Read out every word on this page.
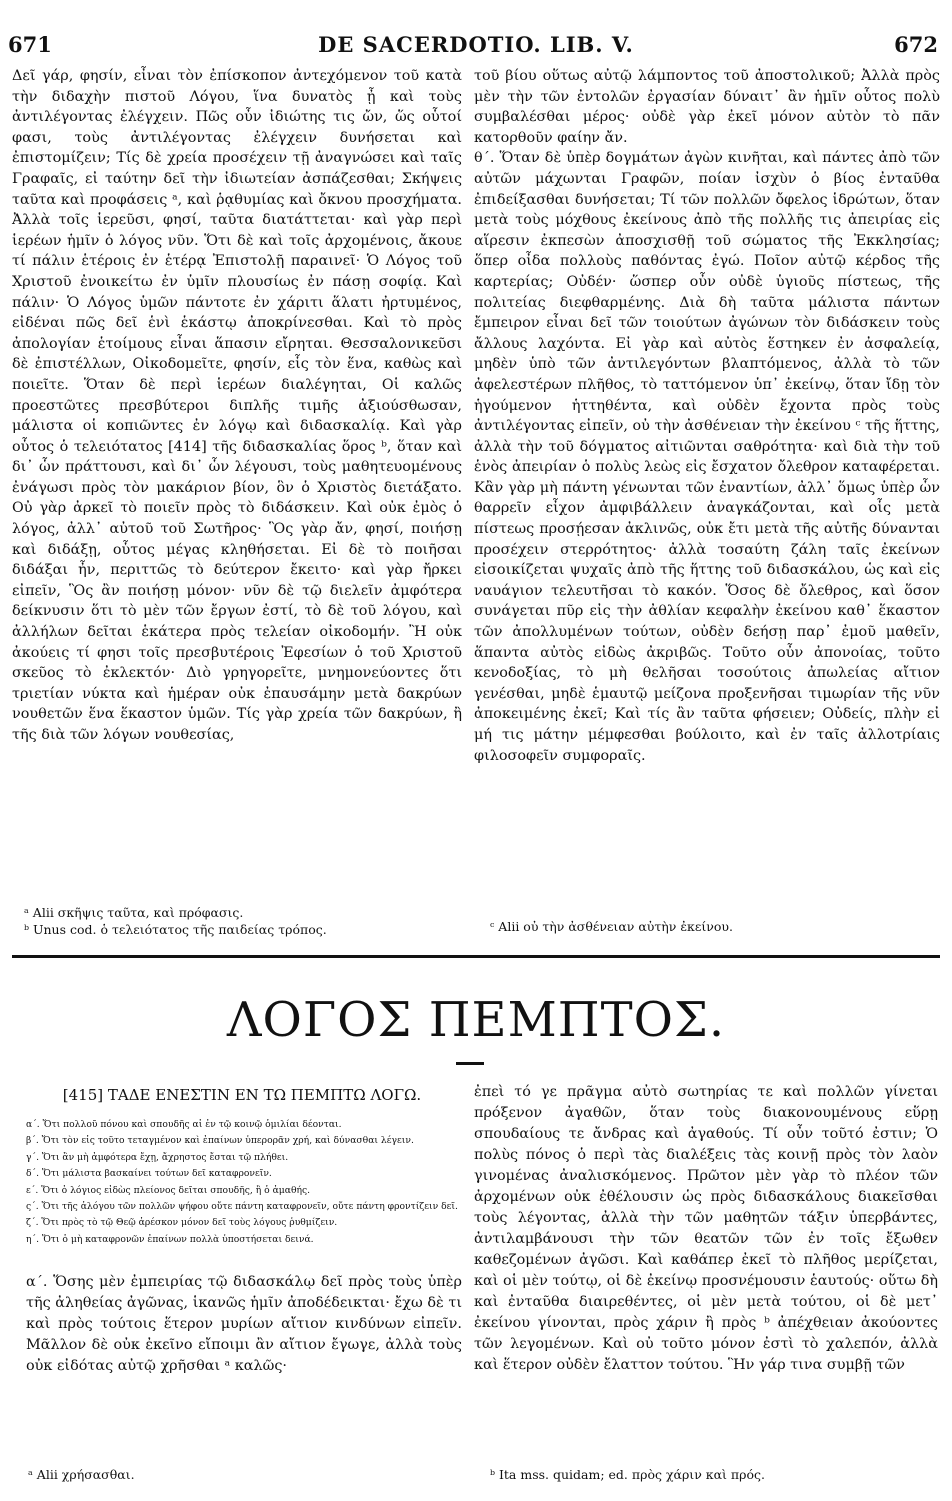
671	DE SACERDOTIO. LIB. V.	672

Δεῖ γάρ, φησίν, εἶναι τὸν ἐπίσκοπον ἀντεχόμενον τοῦ κατὰ τὴν διδαχὴν πιστοῦ Λόγου, ἵνα δυνατὸς ᾖ καὶ τοὺς ἀντιλέγοντας ἐλέγχειν. Πῶς οὖν ἰδιώτης τις ὤν, ὥς οὗτοί φασι, τοὺς ἀντιλέγοντας ἐλέγχειν δυνήσεται καὶ ἐπιστομίζειν; Τίς δὲ χρεία προσέχειν τῇ ἀναγνώσει καὶ ταῖς Γραφαῖς, εἰ ταύτην δεῖ τὴν ἰδιωτείαν ἀσπάζεσθαι; Σκήψεις ταῦτα καὶ προφάσεις ᵃ, καὶ ῥᾳθυμίας καὶ ὄκνου προσχήματα. Ἀλλὰ τοῖς ἱερεῦσι, φησί, ταῦτα διατάττεται· καὶ γὰρ περὶ ἱερέων ἡμῖν ὁ λόγος νῦν. Ὅτι δὲ καὶ τοῖς ἀρχομένοις, ἄκουε τί πάλιν ἑτέροις ἐν ἑτέρᾳ Ἐπιστολῇ παραινεῖ· Ὁ Λόγος τοῦ Χριστοῦ ἐνοικείτω ἐν ὑμῖν πλουσίως ἐν πάσῃ σοφίᾳ. Καὶ πάλιν· Ὁ Λόγος ὑμῶν πάντοτε ἐν χάριτι ἅλατι ἠρτυμένος, εἰδέναι πῶς δεῖ ἑνὶ ἑκάστῳ ἀποκρίνεσθαι. Καὶ τὸ πρὸς ἀπολογίαν ἑτοίμους εἶναι ἅπασιν εἴρηται. Θεσσαλονικεῦσι δὲ ἐπιστέλλων, Οἰκοδομεῖτε, φησίν, εἷς τὸν ἕνα, καθὼς καὶ ποιεῖτε. Ὅταν δὲ περὶ ἱερέων διαλέγηται, Οἱ καλῶς προεστῶτες πρεσβύτεροι διπλῆς τιμῆς ἀξιούσθωσαν, μάλιστα οἱ κοπιῶντες ἐν λόγῳ καὶ διδασκαλίᾳ. Καὶ γὰρ οὗτος ὁ τελειότατος [414] τῆς διδασκαλίας ὅρος ᵇ, ὅταν καὶ δι᾽ ὧν πράττουσι, καὶ δι᾽ ὧν λέγουσι, τοὺς μαθητευομένους ἐνάγωσι πρὸς τὸν μακάριον βίον, ὃν ὁ Χριστὸς διετάξατο. Οὐ γὰρ ἀρκεῖ τὸ ποιεῖν πρὸς τὸ διδάσκειν. Καὶ οὐκ ἐμὸς ὁ λόγος, ἀλλ᾽ αὐτοῦ τοῦ Σωτῆρος· Ὃς γὰρ ἄν, φησί, ποιήσῃ καὶ διδάξῃ, οὗτος μέγας κληθήσεται. Εἰ δὲ τὸ ποιῆσαι διδάξαι ἦν, περιττῶς τὸ δεύτερον ἔκειτο· καὶ γὰρ ἤρκει εἰπεῖν, Ὃς ἂν ποιήσῃ μόνον· νῦν δὲ τῷ διελεῖν ἀμφότερα δείκνυσιν ὅτι τὸ μὲν τῶν ἔργων ἐστί, τὸ δὲ τοῦ λόγου, καὶ ἀλλήλων δεῖται ἑκάτερα πρὸς τελείαν οἰκοδομήν. Ἢ οὐκ ἀκούεις τί φησι τοῖς πρεσβυτέροις Ἐφεσίων ὁ τοῦ Χριστοῦ σκεῦος τὸ ἐκλεκτόν· Διὸ γρηγορεῖτε, μνημονεύοντες ὅτι τριετίαν νύκτα καὶ ἡμέραν οὐκ ἐπαυσάμην μετὰ δακρύων νουθετῶν ἕνα ἕκαστον ὑμῶν. Τίς γὰρ χρεία τῶν δακρύων, ἢ τῆς διὰ τῶν λόγων νουθεσίας,

τοῦ βίου οὕτως αὐτῷ λάμποντος τοῦ ἀποστολικοῦ; Ἀλλὰ πρὸς μὲν τὴν τῶν ἐντολῶν ἐργασίαν δύναιτ᾽ ἂν ἡμῖν οὗτος πολὺ συμβαλέσθαι μέρος· οὐδὲ γὰρ ἐκεῖ μόνον αὐτὸν τὸ πᾶν κατορθοῦν φαίην ἄν.

θ΄. Ὅταν δὲ ὑπὲρ δογμάτων ἀγὼν κινῆται, καὶ πάντες ἀπὸ τῶν αὐτῶν μάχωνται Γραφῶν, ποίαν ἰσχὺν ὁ βίος ἐνταῦθα ἐπιδείξασθαι δυνήσεται; Τί τῶν πολλῶν ὄφελος ἱδρώτων, ὅταν μετὰ τοὺς μόχθους ἐκείνους ἀπὸ τῆς πολλῆς τις ἀπειρίας εἰς αἵρεσιν ἐκπεσὼν ἀποσχισθῇ τοῦ σώματος τῆς Ἐκκλησίας; ὅπερ οἶδα πολλοὺς παθόντας ἐγώ. Ποῖον αὐτῷ κέρδος τῆς καρτερίας; Οὐδέν· ὥσπερ οὖν οὐδὲ ὑγιοῦς πίστεως, τῆς πολιτείας διεφθαρμένης. Διὰ δὴ ταῦτα μάλιστα πάντων ἔμπειρον εἶναι δεῖ τῶν τοιούτων ἀγώνων τὸν διδάσκειν τοὺς ἄλλους λαχόντα. Εἰ γὰρ καὶ αὐτὸς ἕστηκεν ἐν ἀσφαλείᾳ, μηδὲν ὑπὸ τῶν ἀντιλεγόντων βλαπτόμενος, ἀλλὰ τὸ τῶν ἀφελεστέρων πλῆθος, τὸ ταττόμενον ὑπ᾽ ἐκείνῳ, ὅταν ἴδῃ τὸν ἡγούμενον ἡττηθέντα, καὶ οὐδὲν ἔχοντα πρὸς τοὺς ἀντιλέγοντας εἰπεῖν, οὐ τὴν ἀσθένειαν τὴν ἐκείνου ᶜ τῆς ἥττης, ἀλλὰ τὴν τοῦ δόγματος αἰτιῶνται σαθρότητα· καὶ διὰ τὴν τοῦ ἑνὸς ἀπειρίαν ὁ πολὺς λεὼς εἰς ἔσχατον ὄλεθρον καταφέρεται. Κἂν γὰρ μὴ πάντη γένωνται τῶν ἐναντίων, ἀλλ᾽ ὅμως ὑπὲρ ὧν θαρρεῖν εἶχον ἀμφιβάλλειν ἀναγκάζονται, καὶ οἷς μετὰ πίστεως προσῄεσαν ἀκλινῶς, οὐκ ἔτι μετὰ τῆς αὐτῆς δύνανται προσέχειν στερρότητος· ἀλλὰ τοσαύτη ζάλη ταῖς ἐκείνων εἰσοικίζεται ψυχαῖς ἀπὸ τῆς ἥττης τοῦ διδασκάλου, ὡς καὶ εἰς ναυάγιον τελευτῆσαι τὸ κακόν. Ὅσος δὲ ὄλεθρος, καὶ ὅσον συνάγεται πῦρ εἰς τὴν ἀθλίαν κεφαλὴν ἐκείνου καθ᾽ ἕκαστον τῶν ἀπολλυμένων τούτων, οὐδὲν δεήσῃ παρ᾽ ἐμοῦ μαθεῖν, ἅπαντα αὐτὸς εἰδὼς ἀκριβῶς. Τοῦτο οὖν ἀπονοίας, τοῦτο κενοδοξίας, τὸ μὴ θελῆσαι τοσούτοις ἀπωλείας αἴτιον γενέσθαι, μηδὲ ἑμαυτῷ μείζονα προξενῆσαι τιμωρίαν τῆς νῦν ἀποκειμένης ἐκεῖ; Καὶ τίς ἂν ταῦτα φήσειεν; Οὐδείς, πλὴν εἰ μή τις μάτην μέμφεσθαι βούλοιτο, καὶ ἐν ταῖς ἀλλοτρίαις φιλοσοφεῖν συμφοραῖς.

ᵃ Alii σκῆψις ταῦτα, καὶ πρόφασις.
ᵇ Unus cod. ὁ τελειότατος τῆς παιδείας τρόπος.	ᶜ Alii οὐ τὴν ἀσθένειαν αὐτὴν ἐκείνου.
ΛΟΓΟΣ ΠΕΜΠΤΟΣ.
[415] ΤΑΔΕ ΕΝΕΣΤΙΝ ΕΝ ΤΩ ΠΕΜΠΤΩ ΛΟΓΩ.
α΄. Ὅτι πολλοῦ πόνου καὶ σπουδῆς αἱ ἐν τῷ κοινῷ ὁμιλίαι δέονται.
β΄. Ὅτι τὸν εἰς τοῦτο τεταγμένον καὶ ἐπαίνων ὑπερορᾶν χρή, καὶ δύνασθαι λέγειν.
γ΄. Ὅτι ἂν μὴ ἀμφότερα ἔχῃ, ἄχρηστος ἔσται τῷ πλήθει.
δ΄. Ὅτι μάλιστα βασκαίνει τούτων δεῖ καταφρονεῖν.
ε΄. Ὅτι ὁ λόγιος εἰδὼς πλείονος δεῖται σπουδῆς, ἢ ὁ ἀμαθής.
ς΄. Ὅτι τῆς ἀλόγου τῶν πολλῶν ψήφου οὔτε πάντη καταφρονεῖν, οὔτε πάντη φροντίζειν δεῖ.
ζ΄. Ὅτι πρὸς τὸ τῷ Θεῷ ἀρέσκον μόνον δεῖ τοὺς λόγους ῥυθμίζειν.
η΄. Ὅτι ὁ μὴ καταφρονῶν ἐπαίνων πολλὰ ὑποστήσεται δεινά.
α΄. Ὅσης μὲν ἐμπειρίας τῷ διδασκάλῳ δεῖ πρὸς τοὺς ὑπὲρ τῆς ἀληθείας ἀγῶνας, ἱκανῶς ἡμῖν ἀποδέδεικται· ἔχω δὲ τι καὶ πρὸς τούτοις ἕτερον μυρίων αἴτιον κινδύνων εἰπεῖν. Μᾶλλον δὲ οὐκ ἐκεῖνο εἴποιμι ἂν αἴτιον ἔγωγε, ἀλλὰ τοὺς οὐκ εἰδότας αὐτῷ χρῆσθαι ᵃ καλῶς·
ἐπεὶ τό γε πρᾶγμα αὐτὸ σωτηρίας τε καὶ πολλῶν γίνεται πρόξενον ἀγαθῶν, ὅταν τοὺς διακονουμένους εὕρῃ σπουδαίους τε ἄνδρας καὶ ἀγαθούς. Τί οὖν τοῦτό ἐστιν; Ὁ πολὺς πόνος ὁ περὶ τὰς διαλέξεις τὰς κοινῇ πρὸς τὸν λαὸν γινομένας ἀναλισκόμενος. Πρῶτον μὲν γὰρ τὸ πλέον τῶν ἀρχομένων οὐκ ἐθέλουσιν ὡς πρὸς διδασκάλους διακεῖσθαι τοὺς λέγοντας, ἀλλὰ τὴν τῶν μαθητῶν τάξιν ὑπερβάντες, ἀντιλαμβάνουσι τὴν τῶν θεατῶν τῶν ἐν τοῖς ἔξωθεν καθεζομένων ἀγῶσι. Καὶ καθάπερ ἐκεῖ τὸ πλῆθος μερίζεται, καὶ οἱ μὲν τούτῳ, οἱ δὲ ἐκείνῳ προσνέμουσιν ἑαυτούς· οὕτω δὴ καὶ ἐνταῦθα διαιρεθέντες, οἱ μὲν μετὰ τούτου, οἱ δὲ μετ᾽ ἐκείνου γίνονται, πρὸς χάριν ἢ πρὸς ᵇ ἀπέχθειαν ἀκούοντες τῶν λεγομένων. Καὶ οὐ τοῦτο μόνον ἐστὶ τὸ χαλεπόν, ἀλλὰ καὶ ἕτερον οὐδὲν ἔλαττον τούτου. Ἣν γάρ τινα συμβῇ τῶν
ᵃ Alii χρήσασθαι.	ᵇ Ita mss. quidam; ed. πρὸς χάριν καὶ πρός.
